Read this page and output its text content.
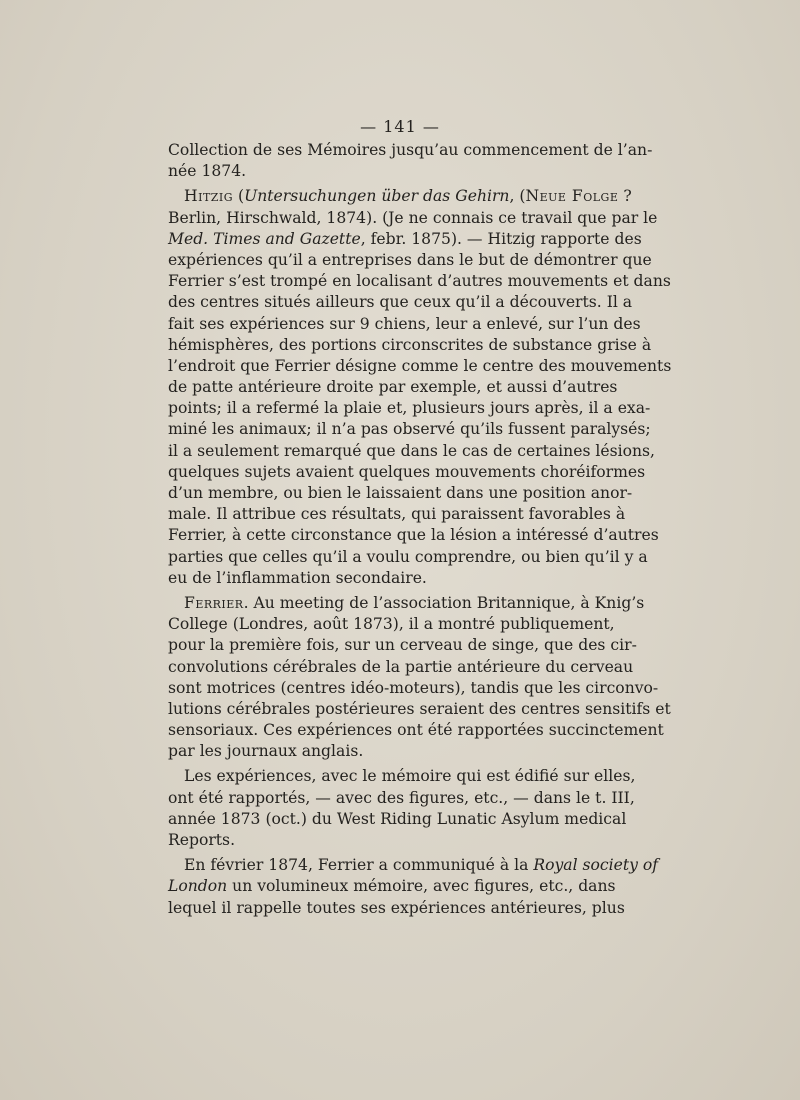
— 141 —
Collection de ses Mémoires jusqu’au commencement de l’an-
née 1874.
Hitzig (Untersuchungen über das Gehirn, (Neue Folge ?
Berlin, Hirschwald, 1874). (Je ne connais ce travail que par le
Med. Times and Gazette, febr. 1875). — Hitzig rapporte des
expériences qu’il a entreprises dans le but de démontrer que
Ferrier s’est trompé en localisant d’autres mouvements et dans
des centres situés ailleurs que ceux qu’il a découverts. Il a
fait ses expériences sur 9 chiens, leur a enlevé, sur l’un des
hémisphères, des portions circonscrites de substance grise à
l’endroit que Ferrier désigne comme le centre des mouvements
de patte antérieure droite par exemple, et aussi d’autres
points; il a refermé la plaie et, plusieurs jours après, il a exa-
miné les animaux; il n’a pas observé qu’ils fussent paralysés;
il a seulement remarqué que dans le cas de certaines lésions,
quelques sujets avaient quelques mouvements choréiformes
d’un membre, ou bien le laissaient dans une position anor-
male. Il attribue ces résultats, qui paraissent favorables à
Ferrier, à cette circonstance que la lésion a intéressé d’autres
parties que celles qu’il a voulu comprendre, ou bien qu’il y a
eu de l’inflammation secondaire.
Ferrier. Au meeting de l’association Britannique, à Knig’s
College (Londres, août 1873), il a montré publiquement,
pour la première fois, sur un cerveau de singe, que des cir-
convolutions cérébrales de la partie antérieure du cerveau
sont motrices (centres idéo-moteurs), tandis que les circonvo-
lutions cérébrales postérieures seraient des centres sensitifs et
sensoriaux. Ces expériences ont été rapportées succinctement
par les journaux anglais.
Les expériences, avec le mémoire qui est édifié sur elles,
ont été rapportés, — avec des figures, etc., — dans le t. III,
année 1873 (oct.) du West Riding Lunatic Asylum medical
Reports.
En février 1874, Ferrier a communiqué à la Royal society of
London un volumineux mémoire, avec figures, etc., dans
lequel il rappelle toutes ses expériences antérieures, plus
